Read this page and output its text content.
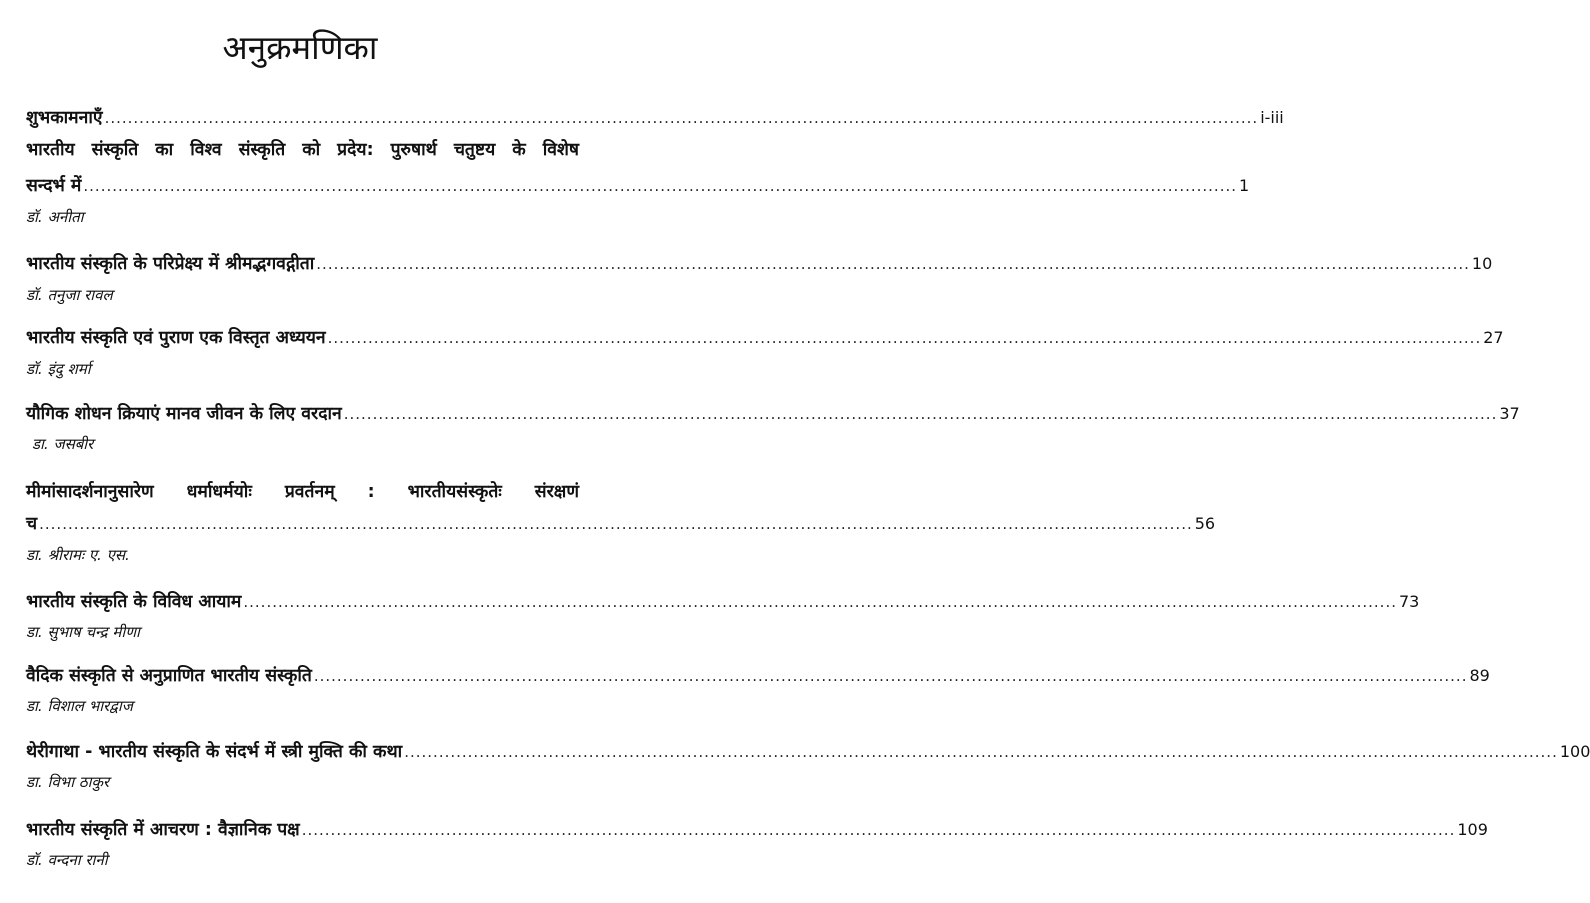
अनुक्रमणिका
शुभकामनाएँ ........................................................................................................................................................................................................ i-iii
भारतीय संस्कृति का विश्व संस्कृति को प्रदेय: पुरुषार्थ चतुष्टय के विशेष
सन्दर्भ में ........................................................................................................................................................................................................ 1
डॉ. अनीता
भारतीय संस्कृति के परिप्रेक्ष्य में श्रीमद्भगवद्गीता ........................................................................................................................................................................................................ 10
डॉ. तनुजा रावल
भारतीय संस्कृति एवं पुराण एक विस्तृत अध्ययन ........................................................................................................................................................................................................ 27
डॉ. इंदु शर्मा
यौगिक शोधन क्रियाएं मानव जीवन के लिए वरदान ........................................................................................................................................................................................................ 37
डा. जसबीर
मीमांसादर्शनानुसारेण धर्माधर्मयोः प्रवर्तनम् : भारतीयसंस्कृतेः संरक्षणं
च ........................................................................................................................................................................................................ 56
डा. श्रीरामः ए. एस.
भारतीय संस्कृति के विविध आयाम ........................................................................................................................................................................................................ 73
डा. सुभाष चन्द्र मीणा
वैदिक संस्कृति से अनुप्राणित भारतीय संस्कृति ........................................................................................................................................................................................................ 89
डा. विशाल भारद्वाज
थेरीगाथा - भारतीय संस्कृति के संदर्भ में स्त्री मुक्ति की कथा ........................................................................................................................................................................................................ 100
डा. विभा ठाकुर
भारतीय संस्कृति में आचरण : वैज्ञानिक पक्ष ........................................................................................................................................................................................................ 109
डॉ. वन्दना रानी
